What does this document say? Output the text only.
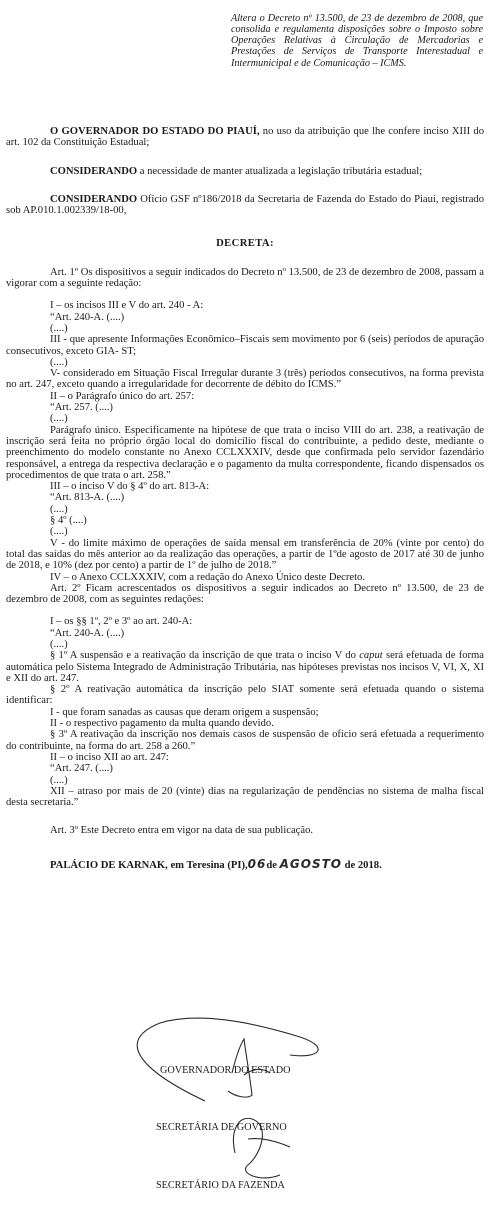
Altera o Decreto nº 13.500, de 23 de dezembro de 2008, que consolida e regulamenta disposições sobre o Imposto sobre Operações Relativas à Circulação de Mercadorias e Prestações de Serviços de Transporte Interestadual e Intermunicipal e de Comunicação – ICMS.

O GOVERNADOR DO ESTADO DO PIAUÍ, no uso da atribuição que lhe confere inciso XIII do art. 102 da Constituição Estadual;

CONSIDERANDO a necessidade de manter atualizada a legislação tributária estadual;

CONSIDERANDO Ofício GSF nº186/2018 da Secretaria de Fazenda do Estado do Piauí, registrado sob AP.010.1.002339/18-00,

DECRETA:

Art. 1º Os dispositivos a seguir indicados do Decreto nº 13.500, de 23 de dezembro de 2008, passam a vigorar com a seguinte redação:

I – os incisos III e V do art. 240 - A:

“Art. 240-A. (....)

(....)

III - que apresente Informações Econômico–Fiscais sem movimento por 6 (seis) períodos de apuração consecutivos, exceto GIA- ST;

(....)

V- considerado em Situação Fiscal Irregular durante 3 (três) períodos consecutivos, na forma prevista no art. 247, exceto quando a irregularidade for decorrente de débito do ICMS.”

II – o Parágrafo único do art. 257:

“Art. 257. (....)

(....)

Parágrafo único. Especificamente na hipótese de que trata o inciso VIII do art. 238, a reativação de inscrição será feita no próprio órgão local do domicílio fiscal do contribuinte, a pedido deste, mediante o preenchimento do modelo constante no Anexo CCLXXXIV, desde que confirmada pelo servidor fazendário responsável, a entrega da respectiva declaração e o pagamento da multa correspondente, ficando dispensados os procedimentos de que trata o art. 258.”

III – o inciso V do § 4º do art. 813-A:

“Art. 813-A. (....)

(....)

§ 4º (....)

(....)

V - do limite máximo de operações de saída mensal em transferência de 20% (vinte por cento) do total das saídas do mês anterior ao da realização das operações, a partir de 1ºde agosto de 2017 até 30 de junho de 2018, e 10% (dez por cento) a partir de 1º de julho de 2018.”

IV – o Anexo CCLXXXIV, com a redação do Anexo Único deste Decreto.

Art. 2º Ficam acrescentados os dispositivos a seguir indicados ao Decreto nº 13.500, de 23 de dezembro de 2008, com as seguintes redações:

I – os §§ 1º, 2º e 3º ao art. 240-A:

“Art. 240-A. (....)

(....)

§ 1º A suspensão e a reativação da inscrição de que trata o inciso V do caput será efetuada de forma automática pelo Sistema Integrado de Administração Tributária, nas hipóteses previstas nos incisos V, VI, X, XI e XII do art. 247.

§ 2º A reativação automática da inscrição pelo SIAT somente será efetuada quando o sistema identificar:

I - que foram sanadas as causas que deram origem a suspensão;

II - o respectivo pagamento da multa quando devido.

§ 3º A reativação da inscrição nos demais casos de suspensão de ofício será efetuada a requerimento do contribuinte, na forma do art. 258 a 260.”

II – o inciso XII ao art. 247:

“Art. 247. (....)

(....)

XII – atraso por mais de 20 (vinte) dias na regularização de pendências no sistema de malha fiscal desta secretaria.”

Art. 3º Este Decreto entra em vigor na data de sua publicação.

PALÁCIO DE KARNAK, em Teresina (PI),06de AGOSTO de 2018.

GOVERNADOR DO ESTADO
SECRETÁRIA DE GOVERNO
SECRETÁRIO DA FAZENDA
